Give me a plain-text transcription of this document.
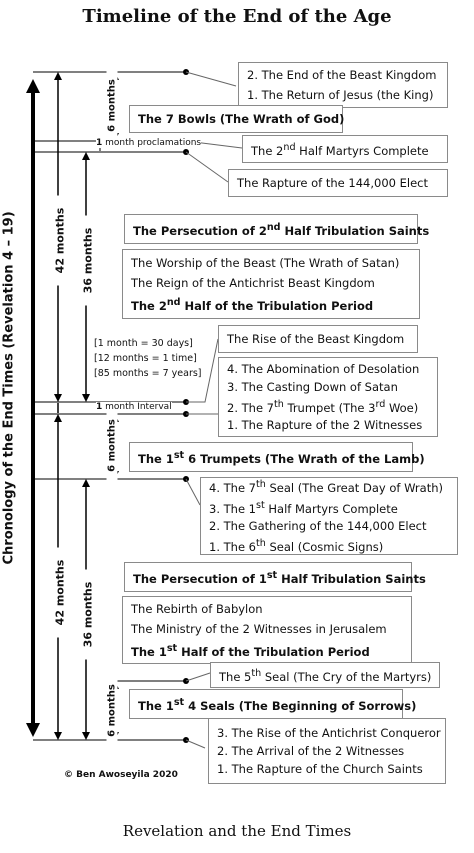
Timeline of the End of the Age
Chronology of the End Times (Revelation 4 – 19)	42 months 36 months
6 months
42 months 36 months
6 months
6 months
1 month proclamations
1 month Interval
[1 month = 30 days]
[12 months = 1 time]
[85 months = 7 years]
2. The End of the Beast Kingdom
1. The Return of Jesus (the King)
The 7 Bowls (The Wrath of God)
The 2nd Half Martyrs Complete
The Rapture of the 144,000 Elect
The Persecution of 2nd Half Tribulation Saints
The Worship of the Beast (The Wrath of Satan)
The Reign of the Antichrist Beast Kingdom
The 2nd Half of the Tribulation Period
The Rise of the Beast Kingdom
4. The Abomination of Desolation
3. The Casting Down of Satan
2. The 7th Trumpet (The 3rd Woe)
1. The Rapture of the 2 Witnesses
The 1st 6 Trumpets (The Wrath of the Lamb)
4. The 7th Seal (The Great Day of Wrath)
3. The 1st Half Martyrs Complete
2. The Gathering of the 144,000 Elect
1. The 6th Seal (Cosmic Signs)
The Persecution of 1st Half Tribulation Saints
The Rebirth of Babylon
The Ministry of the 2 Witnesses in Jerusalem
The 1st Half of the Tribulation Period
The 5th Seal (The Cry of the Martyrs)
The 1st 4 Seals (The Beginning of Sorrows)
3. The Rise of the Antichrist Conqueror
2. The Arrival of the 2 Witnesses
1. The Rapture of the Church Saints
© Ben Awoseyila 2020
Revelation and the End Times
